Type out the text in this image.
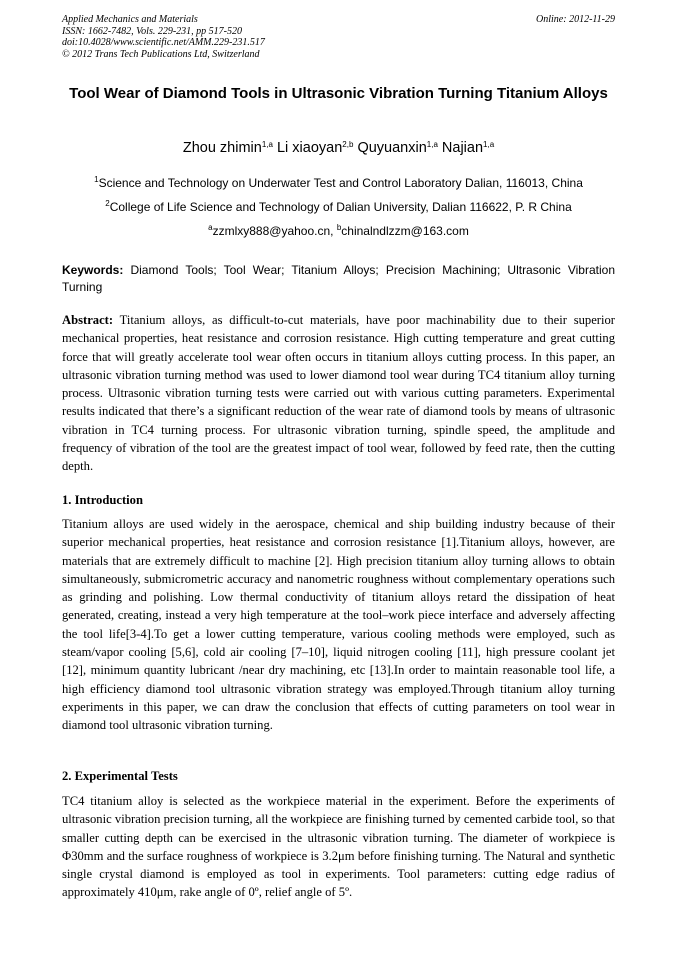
Applied Mechanics and Materials
ISSN: 1662-7482, Vols. 229-231, pp 517-520
doi:10.4028/www.scientific.net/AMM.229-231.517
© 2012 Trans Tech Publications Ltd, Switzerland
Online: 2012-11-29
Tool Wear of Diamond Tools in Ultrasonic Vibration Turning Titanium Alloys
Zhou zhimin$^{1,a}$ Li xiaoyan$^{2,b}$ Quyuanxin$^{1,a}$ Najian$^{1,a}$
$^1$Science and Technology on Underwater Test and Control Laboratory Dalian, 116013, China
$^2$College of Life Science and Technology of Dalian University, Dalian 116622, P. R China
$^a$zzmlxy888@yahoo.cn, $^b$chinalndlzzm@163.com
Keywords: Diamond Tools; Tool Wear; Titanium Alloys; Precision Machining; Ultrasonic Vibration Turning
Abstract: Titanium alloys, as difficult-to-cut materials, have poor machinability due to their superior mechanical properties, heat resistance and corrosion resistance. High cutting temperature and great cutting force that will greatly accelerate tool wear often occurs in titanium alloys cutting process. In this paper, an ultrasonic vibration turning method was used to lower diamond tool wear during TC4 titanium alloy turning process. Ultrasonic vibration turning tests were carried out with various cutting parameters. Experimental results indicated that there’s a significant reduction of the wear rate of diamond tools by means of ultrasonic vibration in TC4 turning process. For ultrasonic vibration turning, spindle speed, the amplitude and frequency of vibration of the tool are the greatest impact of tool wear, followed by feed rate, then the cutting depth.
1. Introduction
Titanium alloys are used widely in the aerospace, chemical and ship building industry because of their superior mechanical properties, heat resistance and corrosion resistance [1].Titanium alloys, however, are materials that are extremely difficult to machine [2]. High precision titanium alloy turning allows to obtain simultaneously, submicrometric accuracy and nanometric roughness without complementary operations such as grinding and polishing. Low thermal conductivity of titanium alloys retard the dissipation of heat generated, creating, instead a very high temperature at the tool–work piece interface and adversely affecting the tool life[3-4].To get a lower cutting temperature, various cooling methods were employed, such as steam/vapor cooling [5,6], cold air cooling [7–10], liquid nitrogen cooling [11], high pressure coolant jet [12], minimum quantity lubricant /near dry machining, etc [13].In order to maintain reasonable tool life, a high efficiency diamond tool ultrasonic vibration strategy was employed.Through titanium alloy turning experiments in this paper, we can draw the conclusion that effects of cutting parameters on tool wear in diamond tool ultrasonic vibration turning.
2. Experimental Tests
TC4 titanium alloy is selected as the workpiece material in the experiment. Before the experiments of ultrasonic vibration precision turning, all the workpiece are finishing turned by cemented carbide tool, so that smaller cutting depth can be exercised in the ultrasonic vibration turning. The diameter of workpiece is Φ30mm and the surface roughness of workpiece is 3.2μm before finishing turning. The Natural and synthetic single crystal diamond is employed as tool in experiments. Tool parameters: cutting edge radius of approximately 410μm, rake angle of 0º, relief angle of 5º.
